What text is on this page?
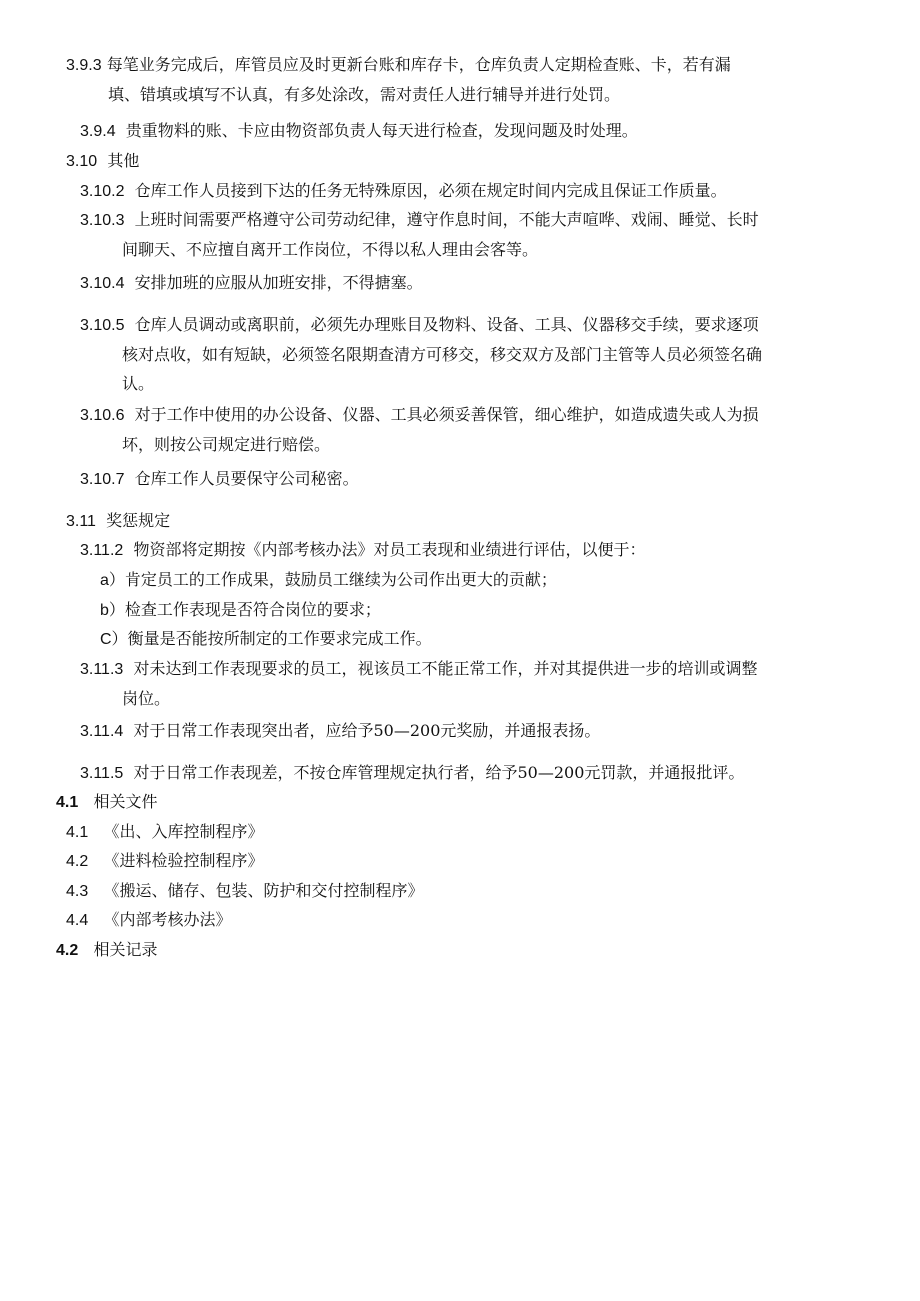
3.9.3 每笔业务完成后，库管员应及时更新台账和库存卡，仓库负责人定期检查账、卡，若有漏
填、错填或填写不认真，有多处涂改，需对责任人进行辅导并进行处罚。
3.9.4 贵重物料的账、卡应由物资部负责人每天进行检查，发现问题及时处理。
3.10 其他
3.10.2 仓库工作人员接到下达的任务无特殊原因，必须在规定时间内完成且保证工作质量。
3.10.3 上班时间需要严格遵守公司劳动纪律，遵守作息时间，不能大声喧哗、戏闹、睡觉、长时
间聊天、不应擅自离开工作岗位，不得以私人理由会客等。
3.10.4 安排加班的应服从加班安排，不得搪塞。
3.10.5 仓库人员调动或离职前，必须先办理账目及物料、设备、工具、仪器移交手续，要求逐项
核对点收，如有短缺，必须签名限期查清方可移交，移交双方及部门主管等人员必须签名确
认。
3.10.6 对于工作中使用的办公设备、仪器、工具必须妥善保管，细心维护，如造成遗失或人为损
坏，则按公司规定进行赔偿。
3.10.7 仓库工作人员要保守公司秘密。
3.11 奖惩规定
3.11.2 物资部将定期按《内部考核办法》对员工表现和业绩进行评估，以便于：
a）肯定员工的工作成果，鼓励员工继续为公司作出更大的贡献；
b）检查工作表现是否符合岗位的要求；
C）衡量是否能按所制定的工作要求完成工作。
3.11.3 对未达到工作表现要求的员工，视该员工不能正常工作，并对其提供进一步的培训或调整
岗位。
3.11.4 对于日常工作表现突出者，应给予50—200元奖励，并通报表扬。
3.11.5 对于日常工作表现差，不按仓库管理规定执行者，给予50—200元罚款，并通报批评。
4.1 相关文件
4.1 《出、入库控制程序》
4.2 《进料检验控制程序》
4.3 《搬运、储存、包装、防护和交付控制程序》
4.4 《内部考核办法》
4.2 相关记录
